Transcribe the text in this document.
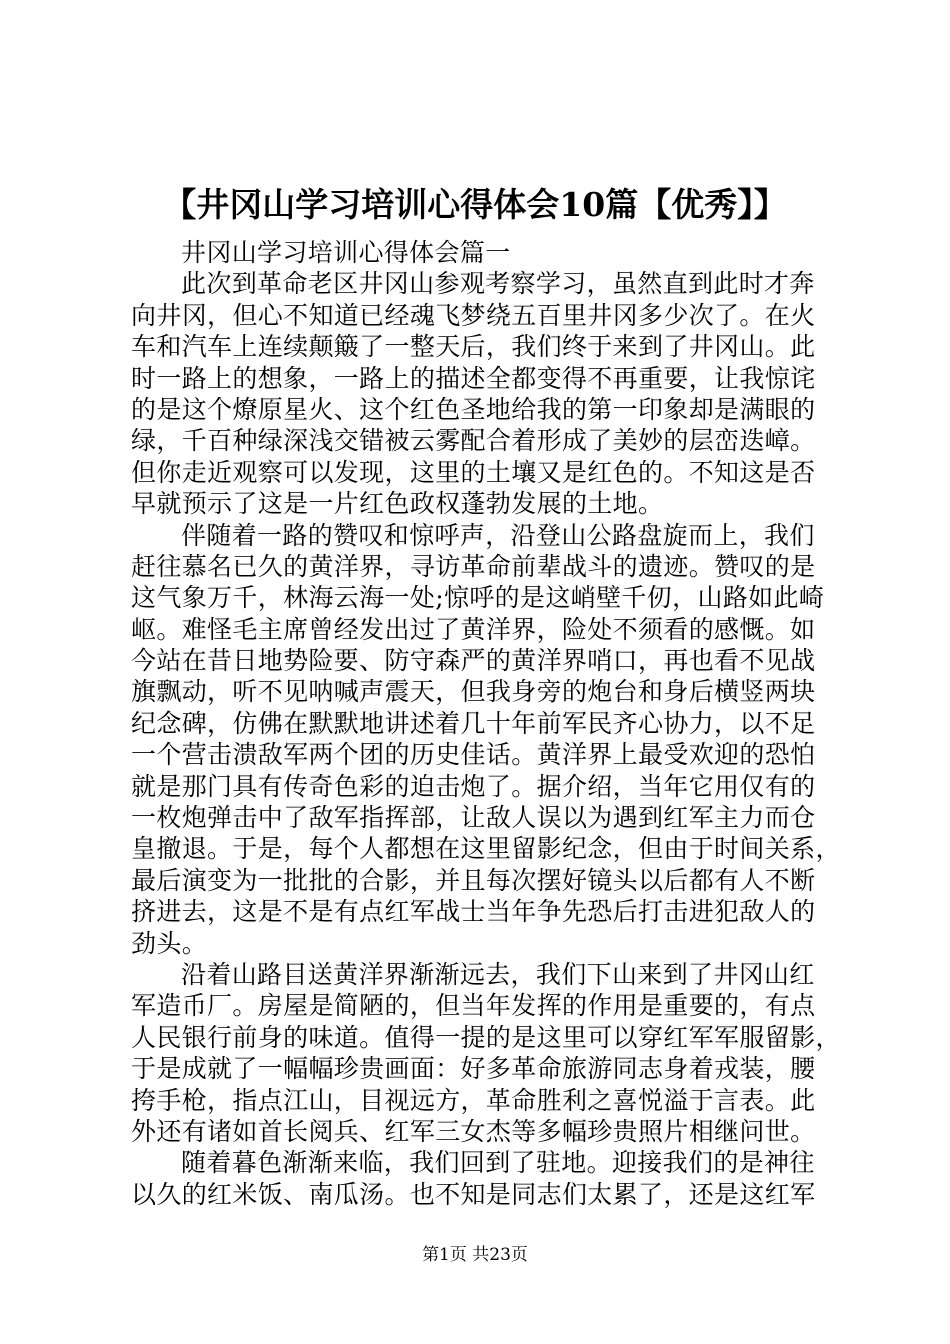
【井冈山学习培训心得体会10篇【优秀】】
井冈山学习培训心得体会篇一
此次到革命老区井冈山参观考察学习，虽然直到此时才奔
向井冈，但心不知道已经魂飞梦绕五百里井冈多少次了。在火
车和汽车上连续颠簸了一整天后，我们终于来到了井冈山。此
时一路上的想象，一路上的描述全都变得不再重要，让我惊诧
的是这个燎原星火、这个红色圣地给我的第一印象却是满眼的
绿，千百种绿深浅交错被云雾配合着形成了美妙的层峦迭嶂。
但你走近观察可以发现，这里的土壤又是红色的。不知这是否
早就预示了这是一片红色政权蓬勃发展的土地。
伴随着一路的赞叹和惊呼声，沿登山公路盘旋而上，我们
赶往慕名已久的黄洋界，寻访革命前辈战斗的遗迹。赞叹的是
这气象万千，林海云海一处;惊呼的是这峭壁千仞，山路如此崎
岖。难怪毛主席曾经发出过了黄洋界，险处不须看的感慨。如
今站在昔日地势险要、防守森严的黄洋界哨口，再也看不见战
旗飘动，听不见呐喊声震天，但我身旁的炮台和身后横竖两块
纪念碑，仿佛在默默地讲述着几十年前军民齐心协力，以不足
一个营击溃敌军两个团的历史佳话。黄洋界上最受欢迎的恐怕
就是那门具有传奇色彩的迫击炮了。据介绍，当年它用仅有的
一枚炮弹击中了敌军指挥部，让敌人误以为遇到红军主力而仓
皇撤退。于是，每个人都想在这里留影纪念，但由于时间关系，
最后演变为一批批的合影，并且每次摆好镜头以后都有人不断
挤进去，这是不是有点红军战士当年争先恐后打击进犯敌人的
劲头。
沿着山路目送黄洋界渐渐远去，我们下山来到了井冈山红
军造币厂。房屋是简陋的，但当年发挥的作用是重要的，有点
人民银行前身的味道。值得一提的是这里可以穿红军军服留影，
于是成就了一幅幅珍贵画面：好多革命旅游同志身着戎装，腰
挎手枪，指点江山，目视远方，革命胜利之喜悦溢于言表。此
外还有诸如首长阅兵、红军三女杰等多幅珍贵照片相继问世。
随着暮色渐渐来临，我们回到了驻地。迎接我们的是神往
以久的红米饭、南瓜汤。也不知是同志们太累了，还是这红军
第1页 共23页
